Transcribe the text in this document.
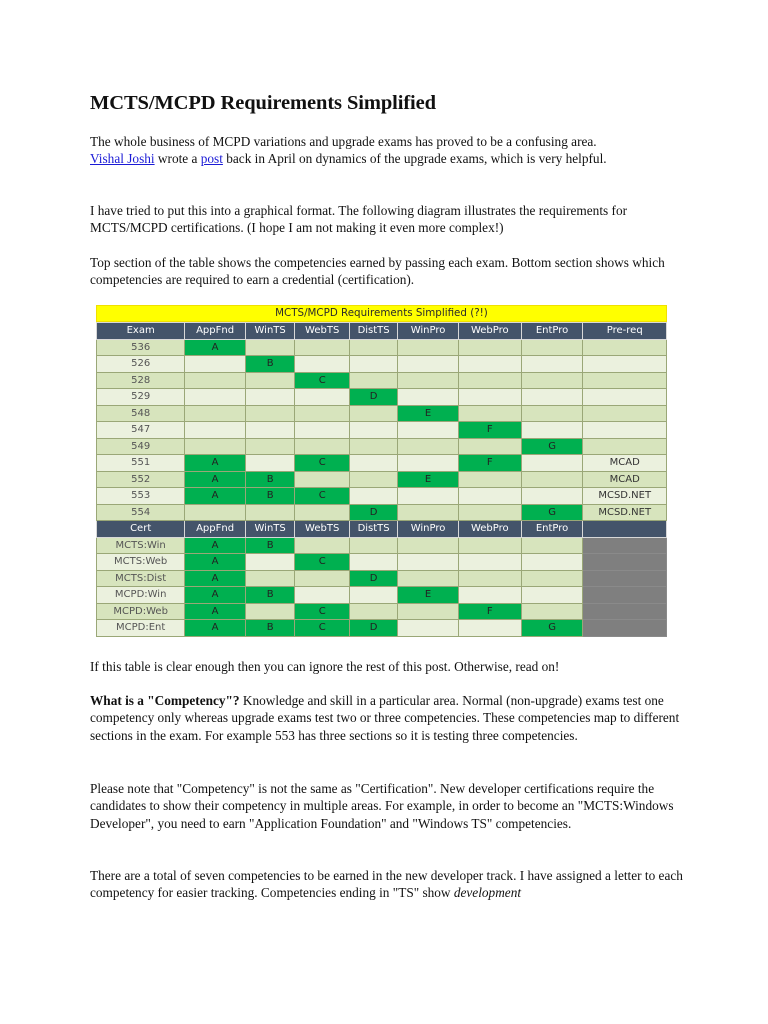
MCTS/MCPD Requirements Simplified

The whole business of MCPD variations and upgrade exams has proved to be a confusing area.
Vishal Joshi wrote a post back in April on dynamics of the upgrade exams, which is very helpful.

I have tried to put this into a graphical format. The following diagram illustrates the requirements for MCTS/MCPD certifications. (I hope I am not making it even more complex!)

Top section of the table shows the competencies earned by passing each exam. Bottom section shows which competencies are required to earn a credential (certification).

MCTS/MCPD Requirements Simplified (?!)
Exam	AppFnd	WinTS	WebTS	DistTS	WinPro	WebPro	EntPro	Pre-req
536	A							
526		B						
528			C					
529				D				
548					E			
547						F		
549							G	
551	A		C			F		MCAD
552	A	B			E			MCAD
553	A	B	C					MCSD.NET
554				D			G	MCSD.NET
Cert	AppFnd	WinTS	WebTS	DistTS	WinPro	WebPro	EntPro	
MCTS:Win	A	B						
MCTS:Web	A		C					
MCTS:Dist	A			D				
MCPD:Win	A	B			E			
MCPD:Web	A		C			F		
MCPD:Ent	A	B	C	D			G	

If this table is clear enough then you can ignore the rest of this post. Otherwise, read on!

What is a "Competency"? Knowledge and skill in a particular area. Normal (non-upgrade) exams test one competency only whereas upgrade exams test two or three competencies. These competencies map to different sections in the exam. For example 553 has three sections so it is testing three competencies.

Please note that "Competency" is not the same as "Certification". New developer certifications require the candidates to show their competency in multiple areas. For example, in order to become an "MCTS:Windows Developer", you need to earn "Application Foundation" and "Windows TS" competencies.

There are a total of seven competencies to be earned in the new developer track. I have assigned a letter to each competency for easier tracking. Competencies ending in "TS" show development
